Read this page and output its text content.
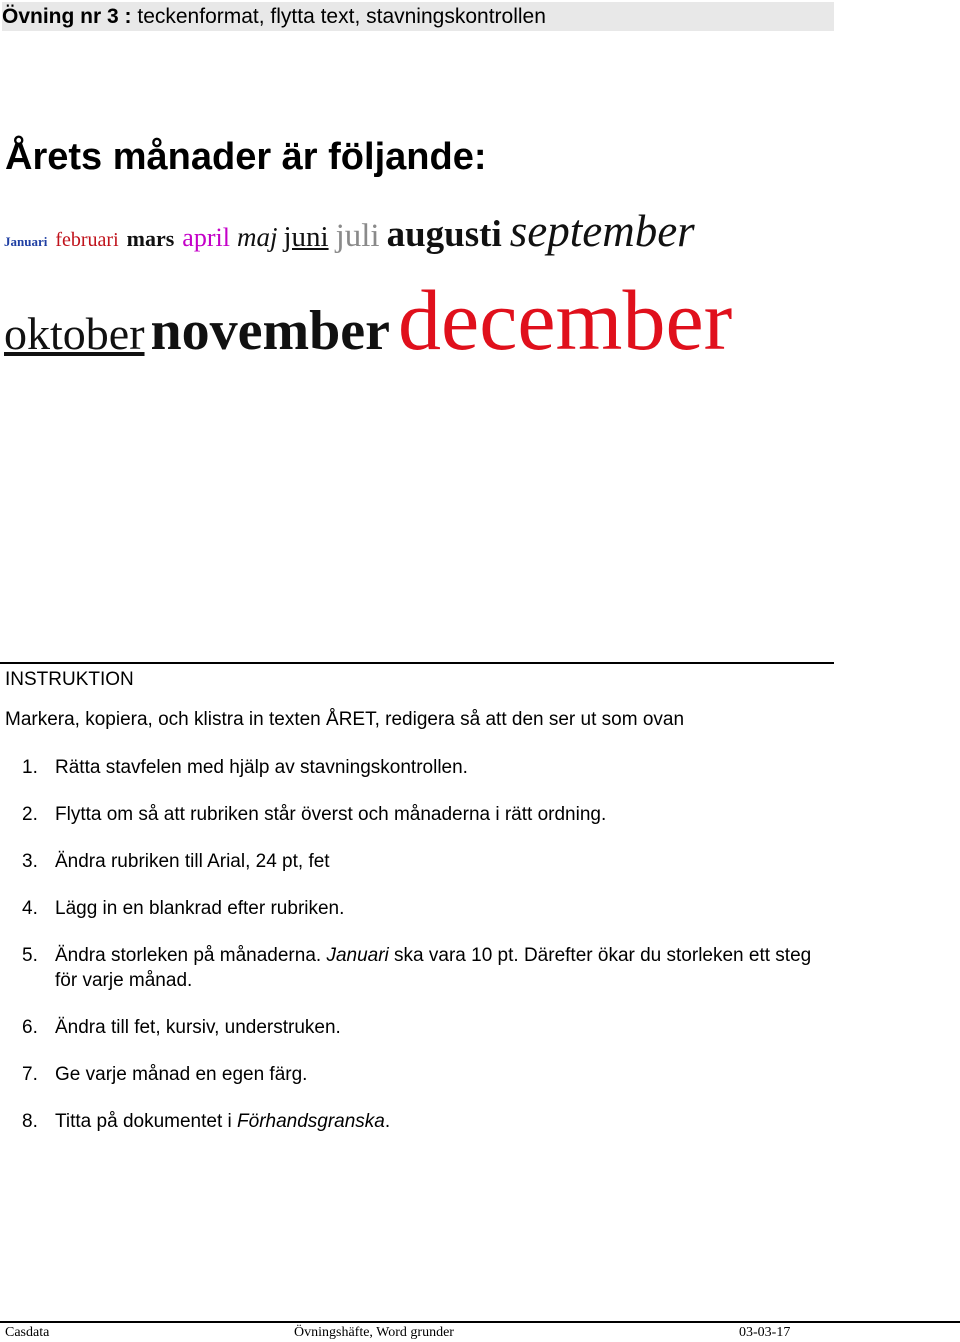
Övning nr 3 : teckenformat, flytta text, stavningskontrollen
Årets månader är följande:
Januari februari mars april maj juni juli augusti september
oktober november december
INSTRUKTION
Markera, kopiera, och klistra in texten ÅRET, redigera så att den ser ut som ovan
1. Rätta stavfelen med hjälp av stavningskontrollen.
2. Flytta om så att rubriken står överst och månaderna i rätt ordning.
3. Ändra rubriken till Arial, 24 pt, fet
4. Lägg in en blankrad efter rubriken.
5. Ändra storleken på månaderna. Januari ska vara 10 pt. Därefter ökar du storleken ett steg för varje månad.
6. Ändra till fet, kursiv, understruken.
7. Ge varje månad en egen färg.
8. Titta på dokumentet i Förhandsgranska.
Casdata	Övningshäfte, Word grunder	03-03-17
